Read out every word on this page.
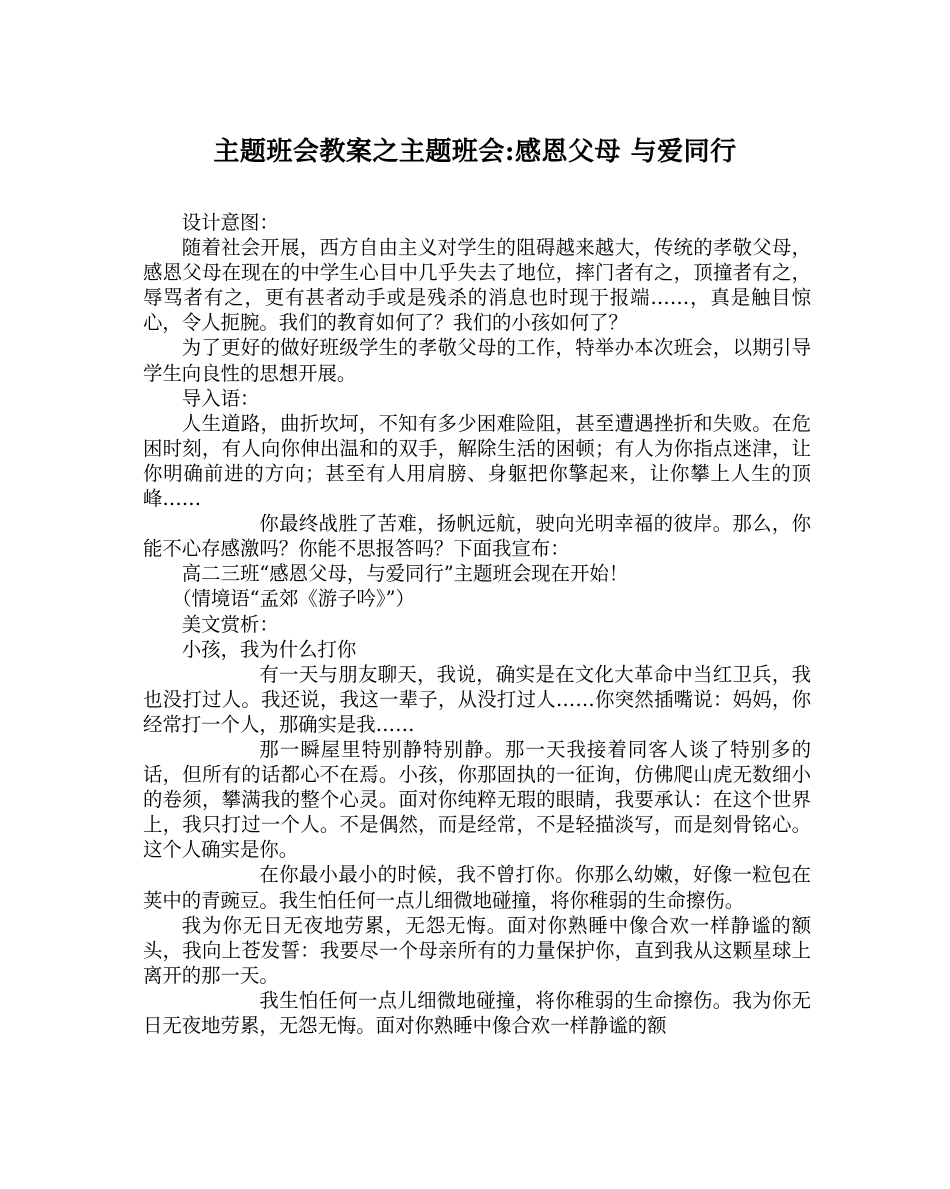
主题班会教案之主题班会:感恩父母 与爱同行

设计意图：

随着社会开展，西方自由主义对学生的阻碍越来越大，传统的孝敬父母，感恩父母在现在的中学生心目中几乎失去了地位，摔门者有之，顶撞者有之，辱骂者有之，更有甚者动手或是残杀的消息也时现于报端……，真是触目惊心，令人扼腕。我们的教育如何了？我们的小孩如何了？

为了更好的做好班级学生的孝敬父母的工作，特举办本次班会，以期引导学生向良性的思想开展。

导入语：

人生道路，曲折坎坷，不知有多少困难险阻，甚至遭遇挫折和失败。在危困时刻，有人向你伸出温和的双手，解除生活的困顿；有人为你指点迷津，让你明确前进的方向；甚至有人用肩膀、身躯把你擎起来，让你攀上人生的顶峰……

你最终战胜了苦难，扬帆远航，驶向光明幸福的彼岸。那么，你能不心存感激吗？你能不思报答吗？下面我宣布：

高二三班“感恩父母，与爱同行”主题班会现在开始！

（情境语“孟郊《游子吟》”）

美文赏析：

小孩，我为什么打你

有一天与朋友聊天，我说，确实是在文化大革命中当红卫兵，我也没打过人。我还说，我这一辈子，从没打过人……你突然插嘴说：妈妈，你经常打一个人，那确实是我……

那一瞬屋里特别静特别静。那一天我接着同客人谈了特别多的话，但所有的话都心不在焉。小孩，你那固执的一征询，仿佛爬山虎无数细小的卷须，攀满我的整个心灵。面对你纯粹无瑕的眼睛，我要承认：在这个世界上，我只打过一个人。不是偶然，而是经常，不是轻描淡写，而是刻骨铭心。这个人确实是你。

在你最小最小的时候，我不曾打你。你那么幼嫩，好像一粒包在荚中的青豌豆。我生怕任何一点儿细微地碰撞，将你稚弱的生命擦伤。

我为你无日无夜地劳累，无怨无悔。面对你熟睡中像合欢一样静谧的额头，我向上苍发誓：我要尽一个母亲所有的力量保护你，直到我从这颗星球上离开的那一天。

我生怕任何一点儿细微地碰撞，将你稚弱的生命擦伤。我为你无日无夜地劳累，无怨无悔。面对你熟睡中像合欢一样静谧的额
